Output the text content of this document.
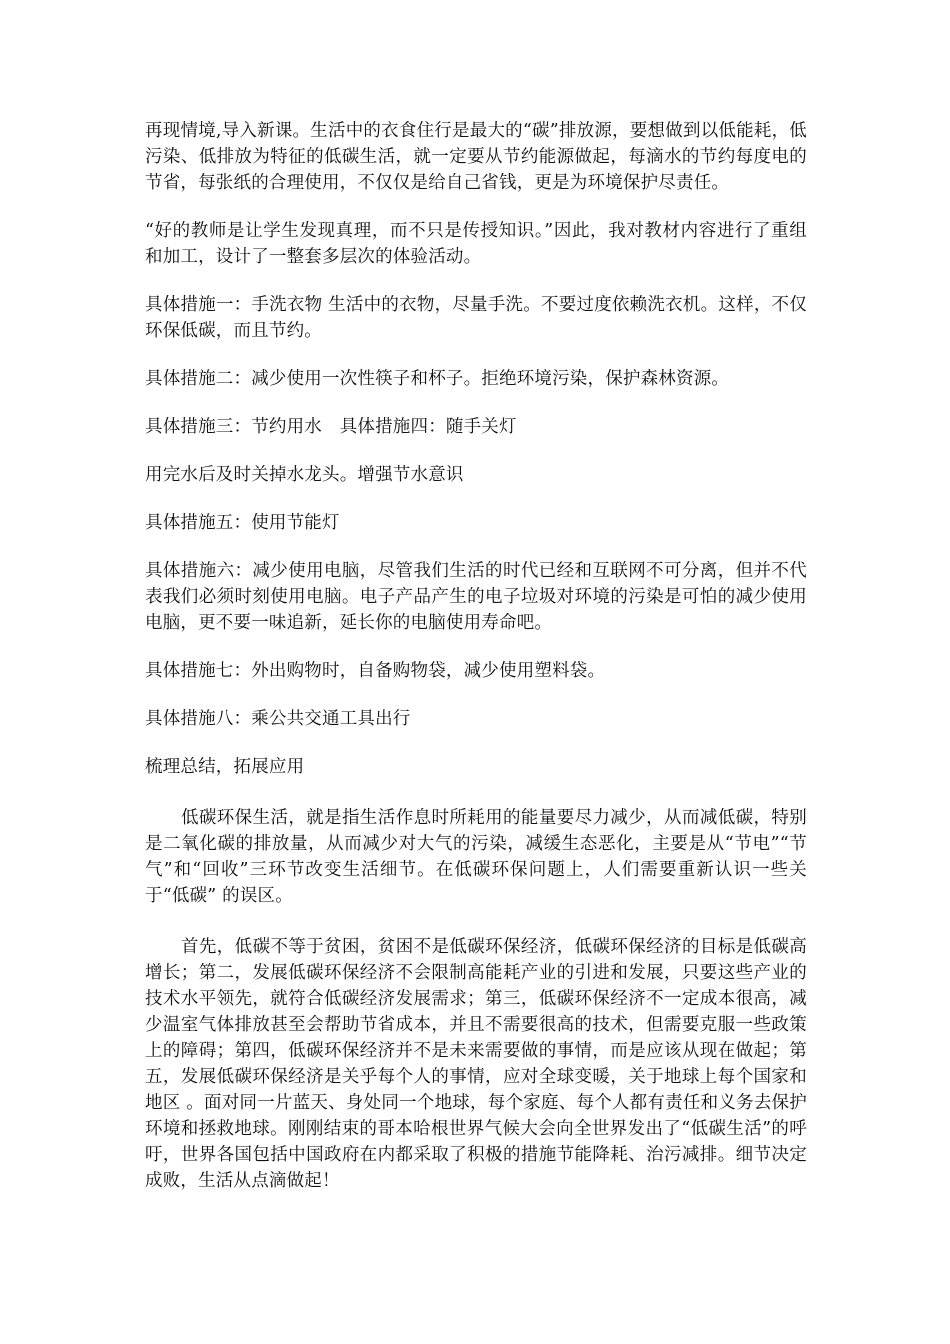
再现情境,导入新课。生活中的衣食住行是最大的“碳”排放源，要想做到以低能耗，低污染、低排放为特征的低碳生活，就一定要从节约能源做起，每滴水的节约每度电的节省，每张纸的合理使用，不仅仅是给自己省钱，更是为环境保护尽责任。

“好的教师是让学生发现真理，而不只是传授知识。”因此，我对教材内容进行了重组和加工，设计了一整套多层次的体验活动。

具体措施一：手洗衣物 生活中的衣物，尽量手洗。不要过度依赖洗衣机。这样，不仅环保低碳，而且节约。

具体措施二：减少使用一次性筷子和杯子。拒绝环境污染，保护森林资源。

具体措施三：节约用水　具体措施四：随手关灯

用完水后及时关掉水龙头。增强节水意识

具体措施五：使用节能灯

具体措施六：减少使用电脑，尽管我们生活的时代已经和互联网不可分离，但并不代表我们必须时刻使用电脑。电子产品产生的电子垃圾对环境的污染是可怕的减少使用电脑，更不要一味追新，延长你的电脑使用寿命吧。

具体措施七：外出购物时，自备购物袋，减少使用塑料袋。

具体措施八：乘公共交通工具出行

梳理总结，拓展应用

低碳环保生活，就是指生活作息时所耗用的能量要尽力减少，从而减低碳，特别是二氧化碳的排放量，从而减少对大气的污染，减缓生态恶化，主要是从“节电”“节气”和“回收”三环节改变生活细节。在低碳环保问题上，人们需要重新认识一些关于“低碳” 的误区。

首先，低碳不等于贫困，贫困不是低碳环保经济，低碳环保经济的目标是低碳高增长；第二，发展低碳环保经济不会限制高能耗产业的引进和发展，只要这些产业的技术水平领先，就符合低碳经济发展需求；第三，低碳环保经济不一定成本很高，减少温室气体排放甚至会帮助节省成本，并且不需要很高的技术，但需要克服一些政策上的障碍；第四，低碳环保经济并不是未来需要做的事情，而是应该从现在做起；第五，发展低碳环保经济是关乎每个人的事情，应对全球变暖，关于地球上每个国家和地区 。面对同一片蓝天、身处同一个地球，每个家庭、每个人都有责任和义务去保护环境和拯救地球。刚刚结束的哥本哈根世界气候大会向全世界发出了“低碳生活”的呼吁，世界各国包括中国政府在内都采取了积极的措施节能降耗、治污减排。细节决定成败，生活从点滴做起！
